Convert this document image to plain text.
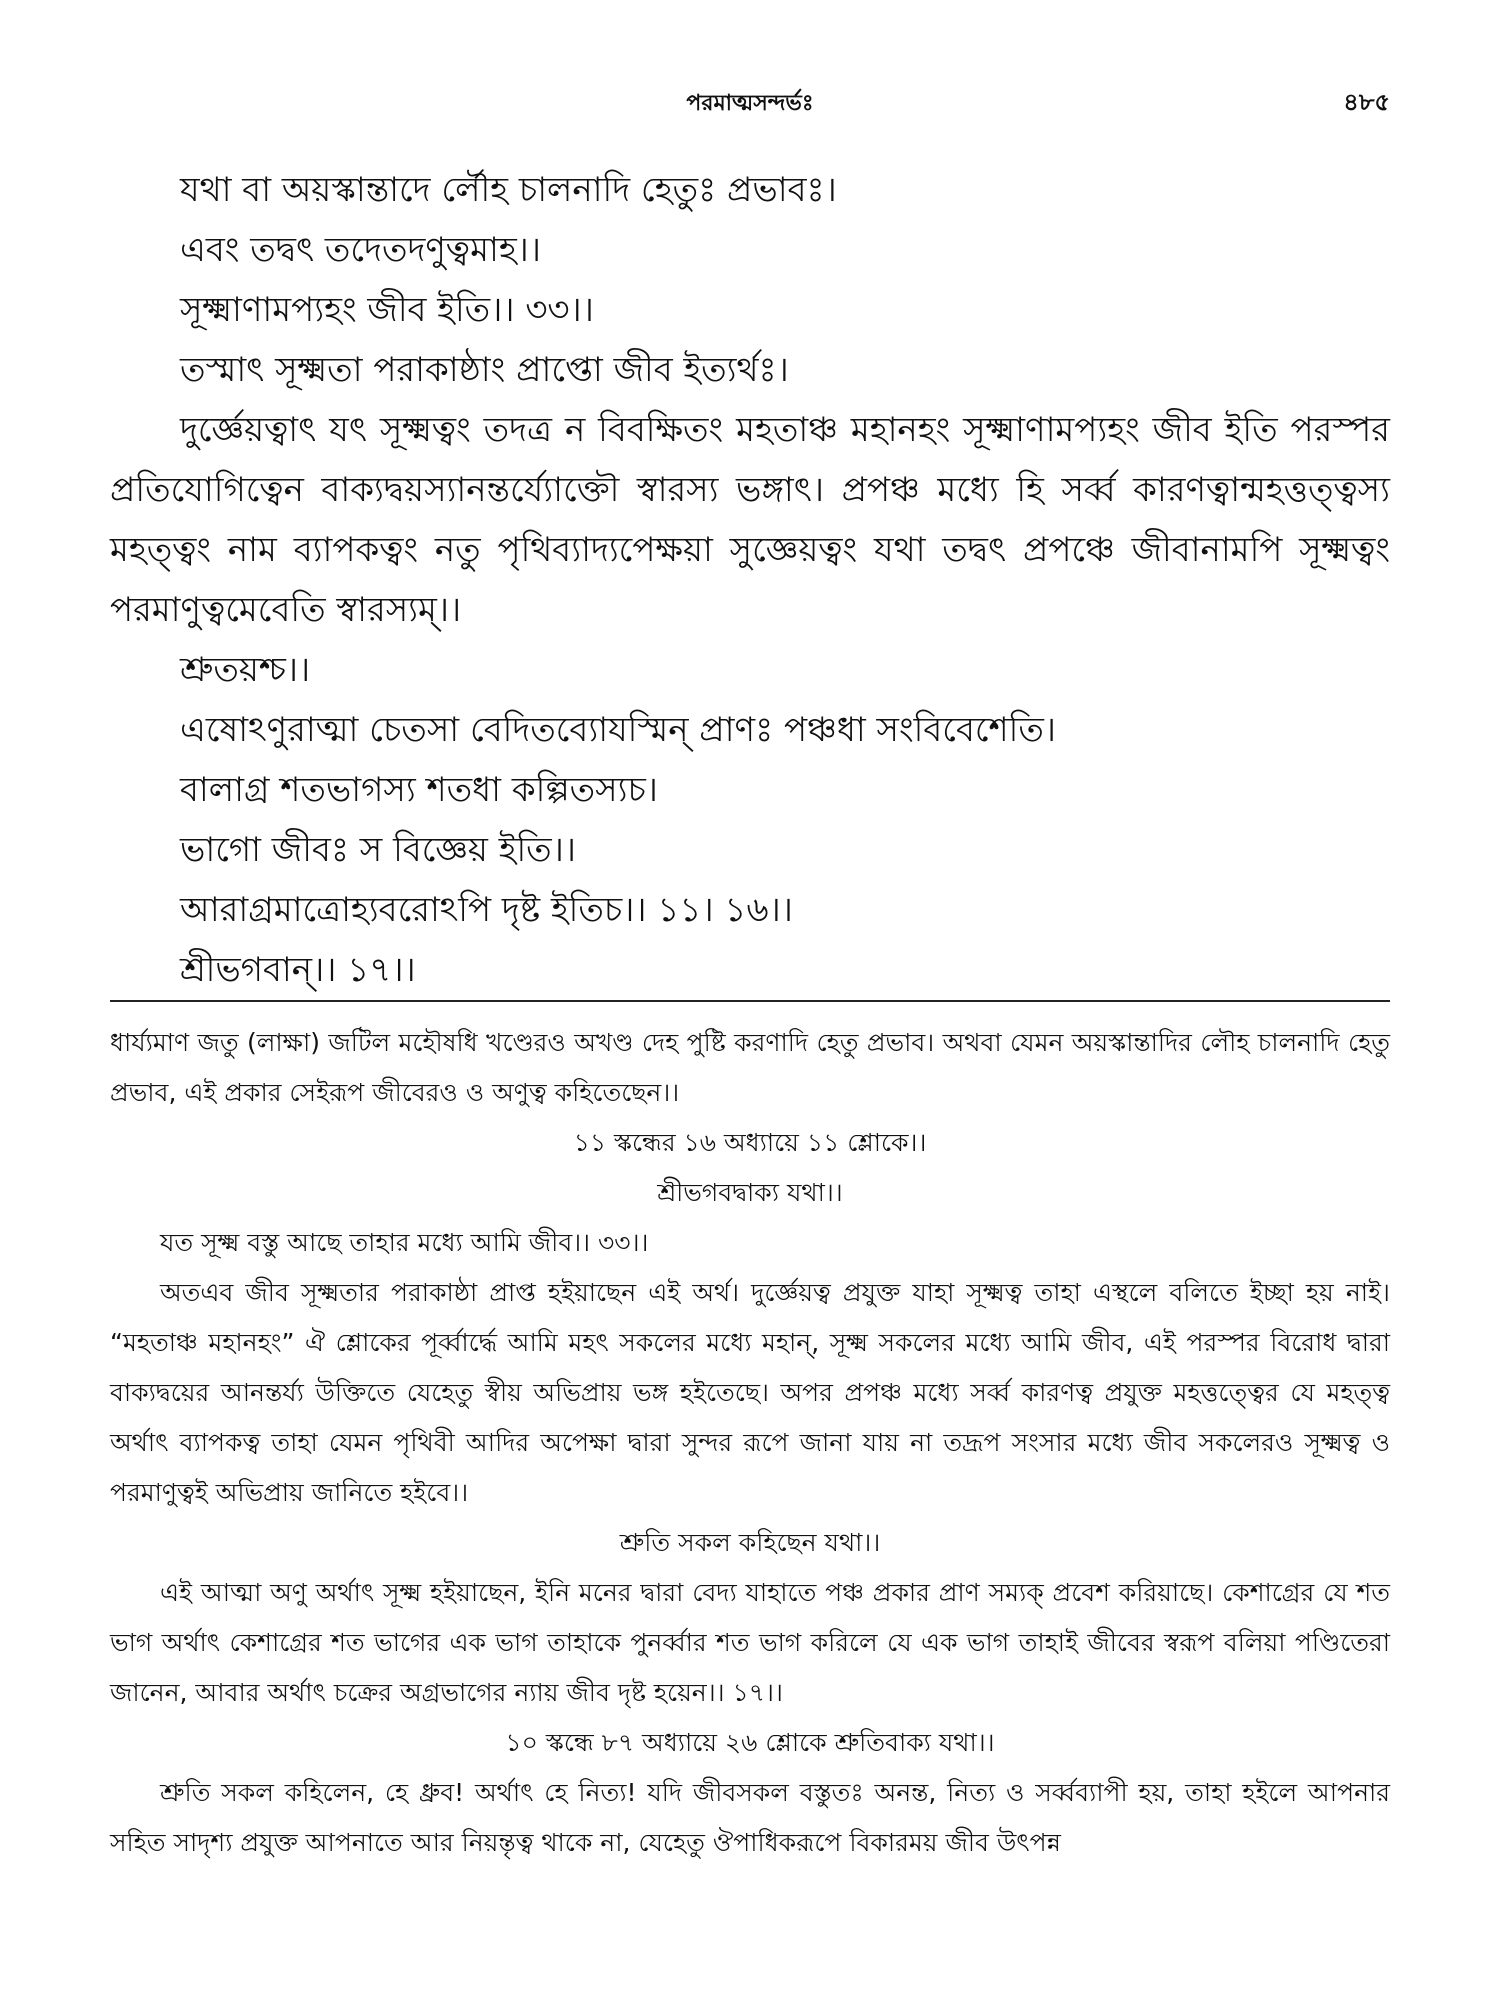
পরমাত্মসন্দর্ভঃ	৪৮৫
যথা বা অয়স্কান্তাদে র্লৌহ চালনাদি হেতুঃ প্রভাবঃ।
এবং তদ্বৎ তদেতদণুত্বমাহ।।
সূক্ষ্মাণামপ্যহং জীব ইতি।। ৩৩।।
তস্মাৎ সূক্ষ্মতা পরাকাষ্ঠাং প্রাপ্তো জীব ইত্যর্থঃ।
দুর্জ্ঞেয়ত্বাৎ যৎ সূক্ষ্মত্বং তদত্র ন বিবক্ষিতং মহতাঞ্চ মহানহং সূক্ষ্মাণামপ্যহং জীব ইতি পরস্পর প্রতিযোগিত্বেন বাক্যদ্বয়স্যানন্তর্য্যোক্তৌ স্বারস্য ভঙ্গাৎ। প্রপঞ্চ মধ্যে হি সর্ব্ব কারণত্বান্মহত্তত্ত্বস্য মহত্ত্বং নাম ব্যাপকত্বং নতু পৃথিব্যাদ্যপেক্ষয়া সুজ্ঞেয়ত্বং যথা তদ্বৎ প্রপঞ্চে জীবানামপি সূক্ষ্মত্বং পরমাণুত্বমেবেতি স্বারস্যম্।।
শ্রুতয়শ্চ।।
এষোঽণুরাত্মা চেতসা বেদিতব্যোযস্মিন্ প্রাণঃ পঞ্চধা সংবিবেশেতি।
বালাগ্র শতভাগস্য শতধা কল্পিতস্যচ।
ভাগো জীবঃ স বিজ্ঞেয় ইতি।।
আরাগ্রমাত্রোহ্যবরোঽপি দৃষ্ট ইতিচ।। ১১। ১৬।।
শ্রীভগবান্।। ১৭।।
ধার্য্যমাণ জতু (লাক্ষা) জটিল মহৌষধি খণ্ডেরও অখণ্ড দেহ পুষ্টি করণাদি হেতু প্রভাব। অথবা যেমন অয়স্কান্তাদির লৌহ চালনাদি হেতু প্রভাব, এই প্রকার সেইরূপ জীবেরও ও অণুত্ব কহিতেছেন।।
১১ স্কন্ধের ১৬ অধ্যায়ে ১১ শ্লোকে।।
শ্রীভগবদ্বাক্য যথা।।
যত সূক্ষ্ম বস্তু আছে তাহার মধ্যে আমি জীব।। ৩৩।।
অতএব জীব সূক্ষ্মতার পরাকাষ্ঠা প্রাপ্ত হইয়াছেন এই অর্থ। দুর্জ্ঞেয়ত্ব প্রযুক্ত যাহা সূক্ষ্মত্ব তাহা এস্থলে বলিতে ইচ্ছা হয় নাই। “মহতাঞ্চ মহানহং” ঐ শ্লোকের পূর্ব্বার্দ্ধে আমি মহৎ সকলের মধ্যে মহান্, সূক্ষ্ম সকলের মধ্যে আমি জীব, এই পরস্পর বিরোধ দ্বারা বাক্যদ্বয়ের আনন্তর্য্য উক্তিতে যেহেতু স্বীয় অভিপ্রায় ভঙ্গ হইতেছে। অপর প্রপঞ্চ মধ্যে সর্ব্ব কারণত্ব প্রযুক্ত মহত্তত্ত্বের যে মহত্ত্ব অর্থাৎ ব্যাপকত্ব তাহা যেমন পৃথিবী আদির অপেক্ষা দ্বারা সুন্দর রূপে জানা যায় না তদ্রূপ সংসার মধ্যে জীব সকলেরও সূক্ষ্মত্ব ও পরমাণুত্বই অভিপ্রায় জানিতে হইবে।।
শ্রুতি সকল কহিছেন যথা।।
এই আত্মা অণু অর্থাৎ সূক্ষ্ম হইয়াছেন, ইনি মনের দ্বারা বেদ্য যাহাতে পঞ্চ প্রকার প্রাণ সম্যক্ প্রবেশ করিয়াছে। কেশাগ্রের যে শত ভাগ অর্থাৎ কেশাগ্রের শত ভাগের এক ভাগ তাহাকে পুনর্ব্বার শত ভাগ করিলে যে এক ভাগ তাহাই জীবের স্বরূপ বলিয়া পণ্ডিতেরা জানেন, আবার অর্থাৎ চক্রের অগ্রভাগের ন্যায় জীব দৃষ্ট হয়েন।। ১৭।।
১০ স্কন্ধে ৮৭ অধ্যায়ে ২৬ শ্লোকে শ্রুতিবাক্য যথা।।
শ্রুতি সকল কহিলেন, হে ধ্রুব! অর্থাৎ হে নিত্য! যদি জীবসকল বস্তুতঃ অনন্ত, নিত্য ও সর্ব্বব্যাপী হয়, তাহা হইলে আপনার সহিত সাদৃশ্য প্রযুক্ত আপনাতে আর নিয়ন্তৃত্ব থাকে না, যেহেতু ঔপাধিকরূপে বিকারময় জীব উৎপন্ন
